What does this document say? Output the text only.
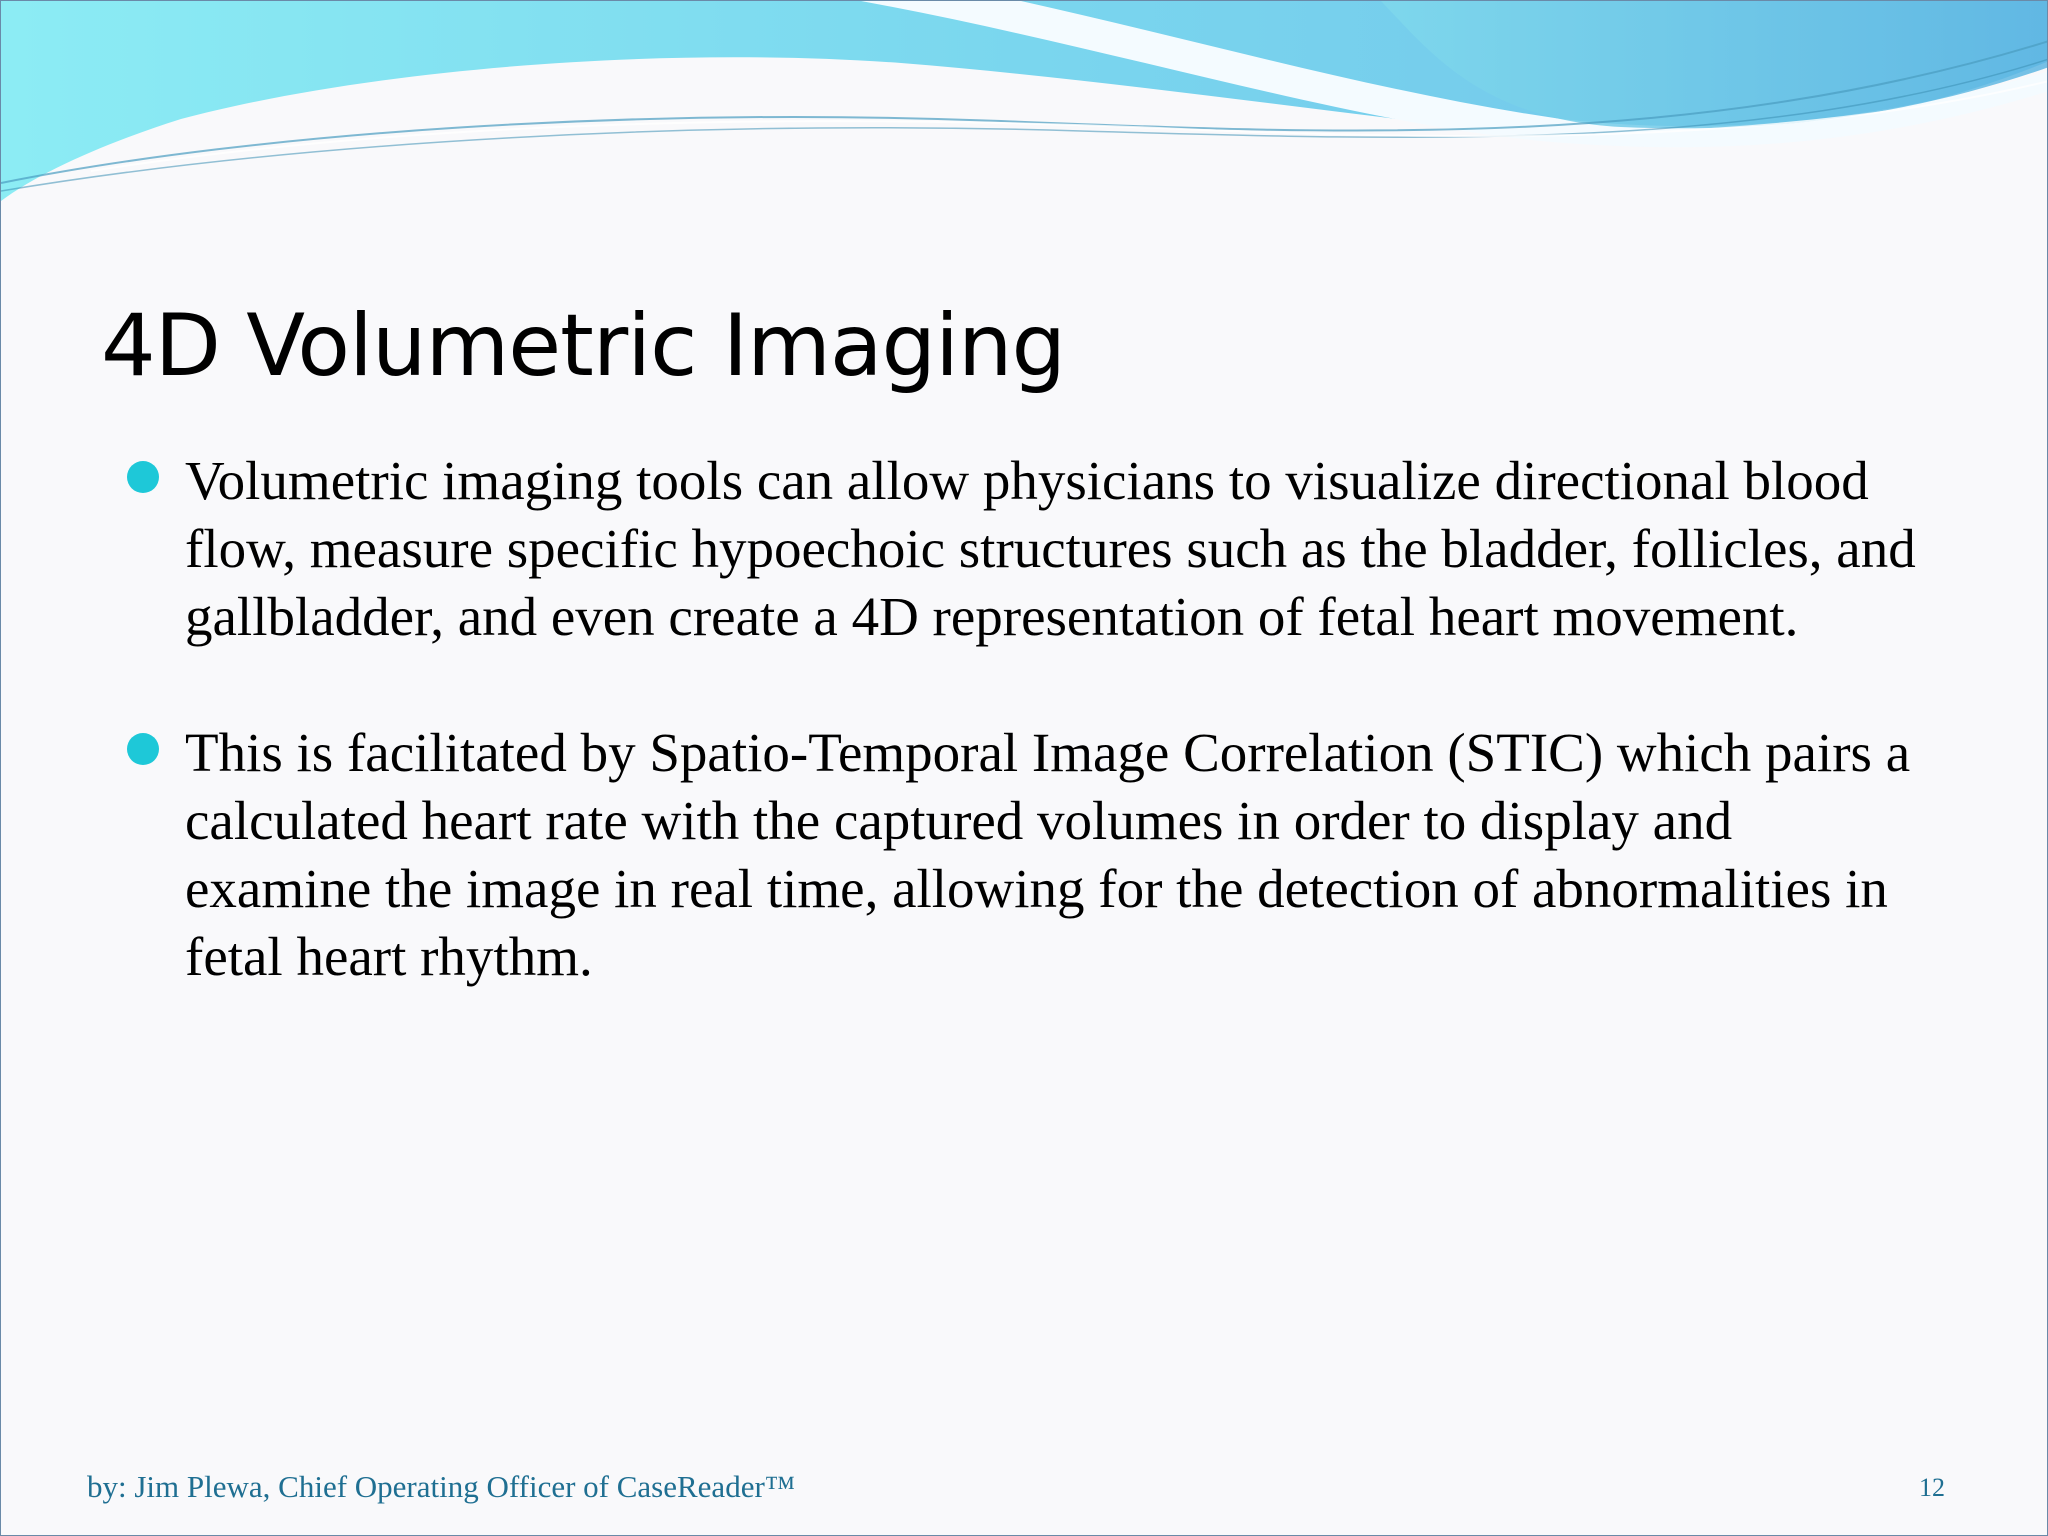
4D Volumetric Imaging
Volumetric imaging tools can allow physicians to visualize directional blood flow, measure specific hypoechoic structures such as the bladder, follicles, and gallbladder, and even create a 4D representation of fetal heart movement.
This is facilitated by Spatio-Temporal Image Correlation (STIC) which pairs a calculated heart rate with the captured volumes in order to display and examine the image in real time, allowing for the detection of abnormalities in fetal heart rhythm.
by: Jim Plewa, Chief Operating Officer of CaseReader™	12
